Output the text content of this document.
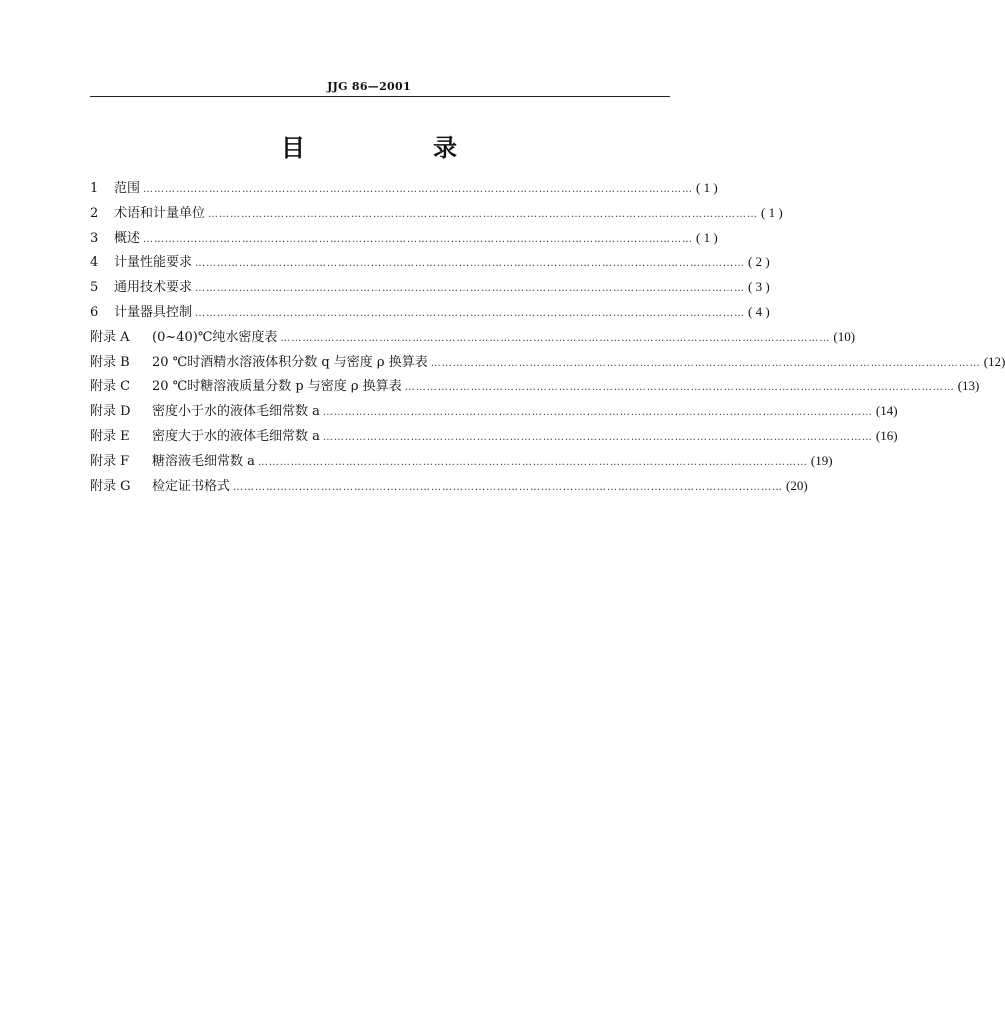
JJG 86—2001
目　录
1	范围 …………………………………………………………………………………………………………………………………… ( 1 )
2	术语和计量单位 …………………………………………………………………………………………………………………………………… ( 1 )
3	概述 …………………………………………………………………………………………………………………………………… ( 1 )
4	计量性能要求 …………………………………………………………………………………………………………………………………… ( 2 )
5	通用技术要求 …………………………………………………………………………………………………………………………………… ( 3 )
6	计量器具控制 …………………………………………………………………………………………………………………………………… ( 4 )
附录 A	(0~40)℃纯水密度表 …………………………………………………………………………………………………………………………………… (10)
附录 B	20 ℃时酒精水溶液体积分数 q 与密度 ρ 换算表 …………………………………………………………………………………………………………………………………… (12)
附录 C	20 ℃时糖溶液质量分数 p 与密度 ρ 换算表 …………………………………………………………………………………………………………………………………… (13)
附录 D	密度小于水的液体毛细常数 a …………………………………………………………………………………………………………………………………… (14)
附录 E	密度大于水的液体毛细常数 a …………………………………………………………………………………………………………………………………… (16)
附录 F	糖溶液毛细常数 a …………………………………………………………………………………………………………………………………… (19)
附录 G	检定证书格式 …………………………………………………………………………………………………………………………………… (20)
